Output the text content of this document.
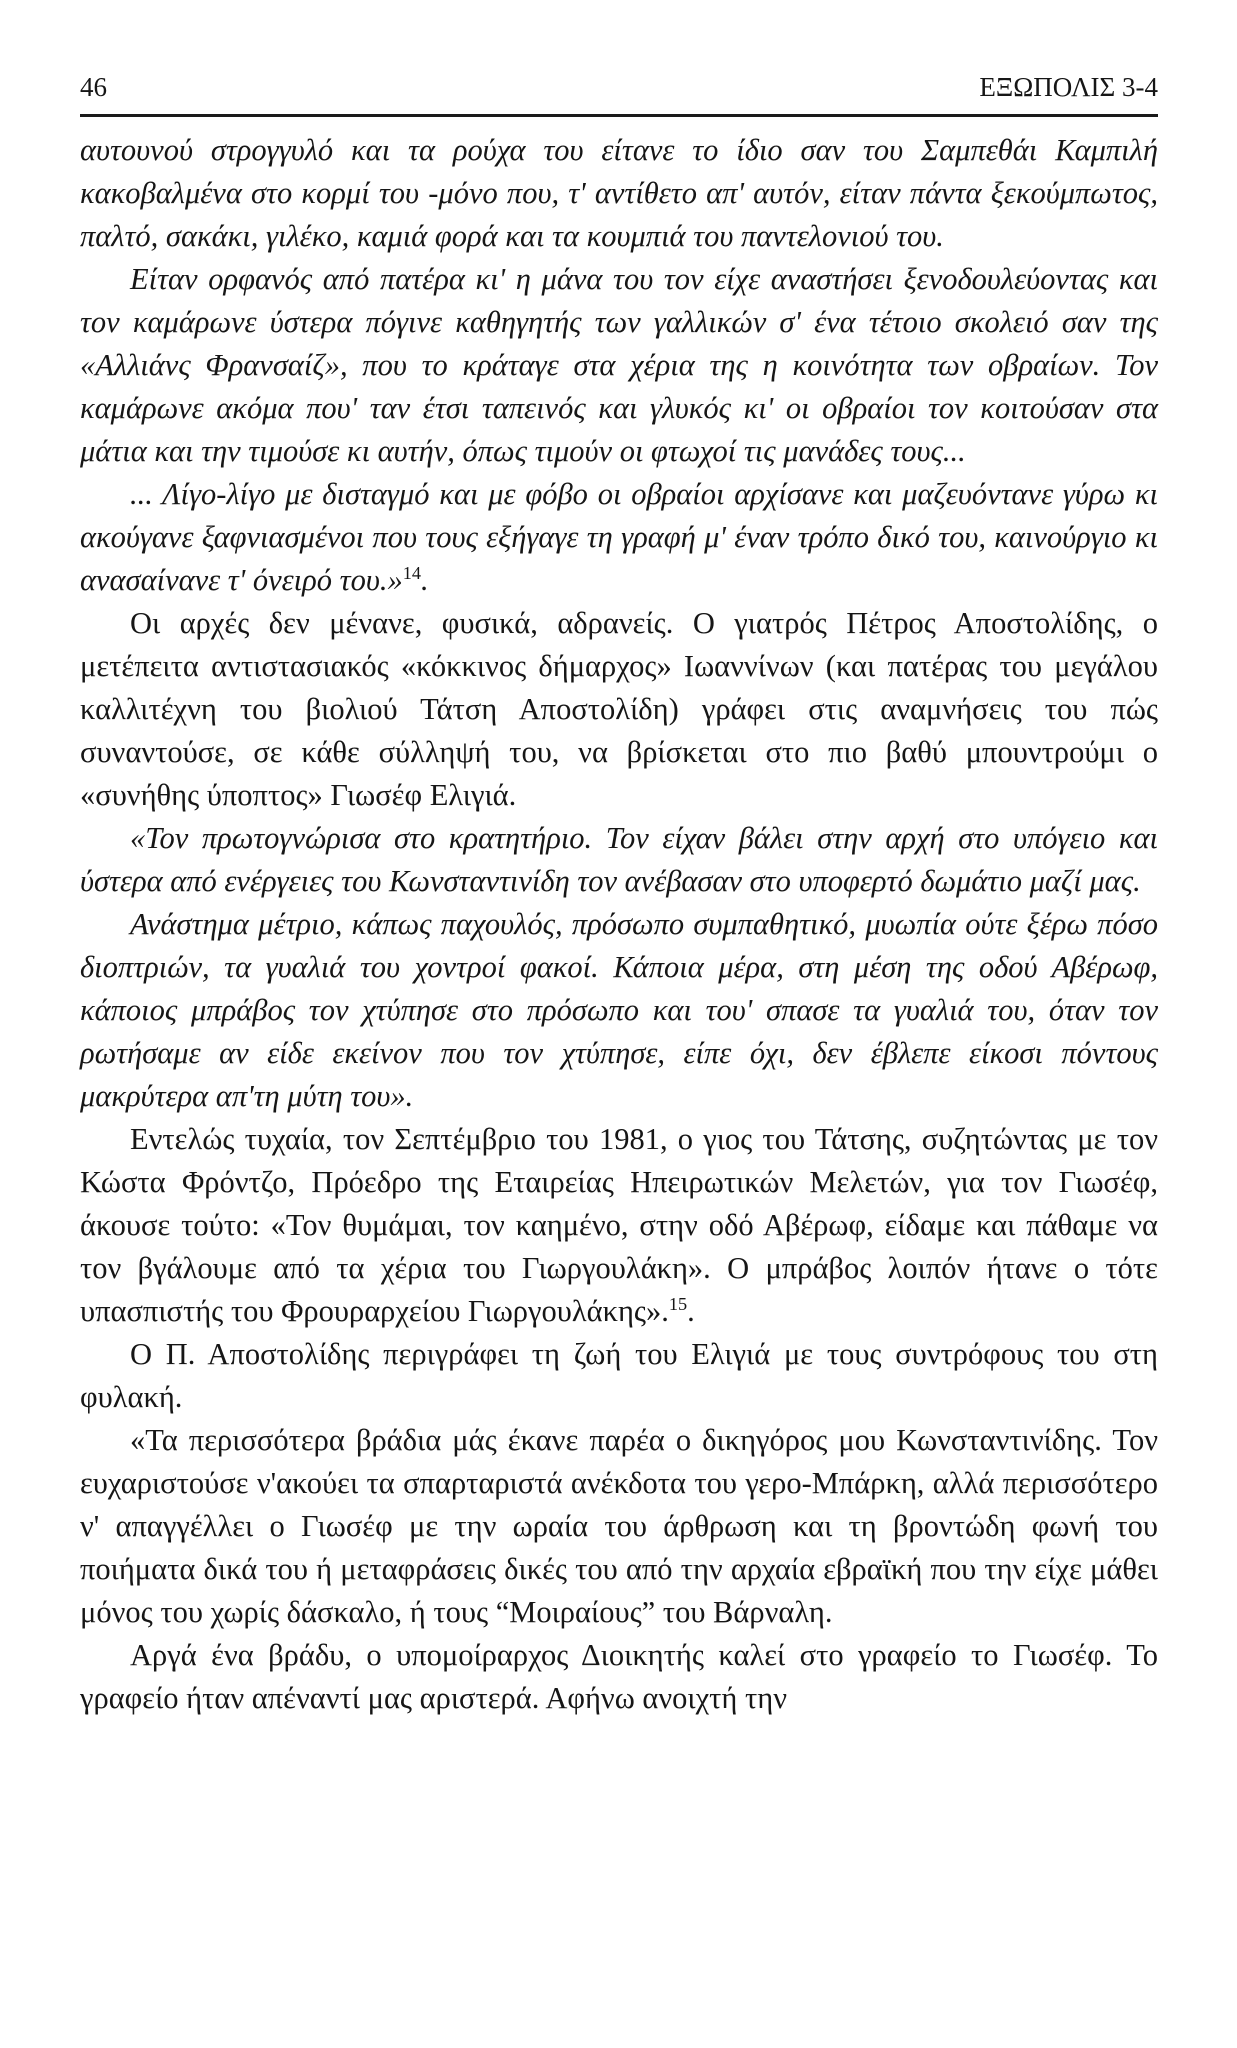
46	ΕΞΩΠΟΛΙΣ 3-4

αυτουνού στρογγυλό και τα ρούχα του είτανε το ίδιο σαν του Σαμπεθάι Καμπιλή κακοβαλμένα στο κορμί του -μόνο που, τ' αντίθετο απ' αυτόν, είταν πάντα ξεκούμπωτος, παλτό, σακάκι, γιλέκο, καμιά φορά και τα κουμπιά του παντελονιού του.

Είταν ορφανός από πατέρα κι' η μάνα του τον είχε αναστήσει ξενοδουλεύοντας και τον καμάρωνε ύστερα πόγινε καθηγητής των γαλλικών σ' ένα τέτοιο σκολειό σαν της «Αλλιάνς Φρανσαίζ», που το κράταγε στα χέρια της η κοινότητα των οβραίων. Τον καμάρωνε ακόμα που' ταν έτσι ταπεινός και γλυκός κι' οι οβραίοι τον κοιτούσαν στα μάτια και την τιμούσε κι αυτήν, όπως τιμούν οι φτωχοί τις μανάδες τους...

... Λίγο-λίγο με δισταγμό και με φόβο οι οβραίοι αρχίσανε και μαζευόντανε γύρω κι ακούγανε ξαφνιασμένοι που τους εξήγαγε τη γραφή μ' έναν τρόπο δικό του, καινούργιο κι ανασαίνανε τ' όνειρό του.»$^{14}$.

Οι αρχές δεν μένανε, φυσικά, αδρανείς. Ο γιατρός Πέτρος Αποστολίδης, ο μετέπειτα αντιστασιακός «κόκκινος δήμαρχος» Ιωαννίνων (και πατέρας του μεγάλου καλλιτέχνη του βιολιού Τάτση Αποστολίδη) γράφει στις αναμνήσεις του πώς συναντούσε, σε κάθε σύλληψή του, να βρίσκεται στο πιο βαθύ μπουντρούμι ο «συνήθης ύποπτος» Γιωσέφ Ελιγιά.

«Τον πρωτογνώρισα στο κρατητήριο. Τον είχαν βάλει στην αρχή στο υπόγειο και ύστερα από ενέργειες του Κωνσταντινίδη τον ανέβασαν στο υποφερτό δωμάτιο μαζί μας.

Ανάστημα μέτριο, κάπως παχουλός, πρόσωπο συμπαθητικό, μυωπία ούτε ξέρω πόσο διοπτριών, τα γυαλιά του χοντροί φακοί. Κάποια μέρα, στη μέση της οδού Αβέρωφ, κάποιος μπράβος τον χτύπησε στο πρόσωπο και του' σπασε τα γυαλιά του, όταν τον ρωτήσαμε αν είδε εκείνον που τον χτύπησε, είπε όχι, δεν έβλεπε είκοσι πόντους μακρύτερα απ'τη μύτη του».

Εντελώς τυχαία, τον Σεπτέμβριο του 1981, ο γιος του Τάτσης, συζητώντας με τον Κώστα Φρόντζο, Πρόεδρο της Εταιρείας Ηπειρωτικών Μελετών, για τον Γιωσέφ, άκουσε τούτο: «Τον θυμάμαι, τον καημένο, στην οδό Αβέρωφ, είδαμε και πάθαμε να τον βγάλουμε από τα χέρια του Γιωργουλάκη». Ο μπράβος λοιπόν ήτανε ο τότε υπασπιστής του Φρουραρχείου Γιωργουλάκης».$^{15}$.

Ο Π. Αποστολίδης περιγράφει τη ζωή του Ελιγιά με τους συντρόφους του στη φυλακή.

«Τα περισσότερα βράδια μάς έκανε παρέα ο δικηγόρος μου Κωνσταντινίδης. Τον ευχαριστούσε ν'ακούει τα σπαρταριστά ανέκδοτα του γερο-Μπάρκη, αλλά περισσότερο ν' απαγγέλλει ο Γιωσέφ με την ωραία του άρθρωση και τη βροντώδη φωνή του ποιήματα δικά του ή μεταφράσεις δικές του από την αρχαία εβραϊκή που την είχε μάθει μόνος του χωρίς δάσκαλο, ή τους “Μοιραίους” του Βάρναλη.

Αργά ένα βράδυ, ο υπομοίραρχος Διοικητής καλεί στο γραφείο το Γιωσέφ. Το γραφείο ήταν απέναντί μας αριστερά. Αφήνω ανοιχτή την
